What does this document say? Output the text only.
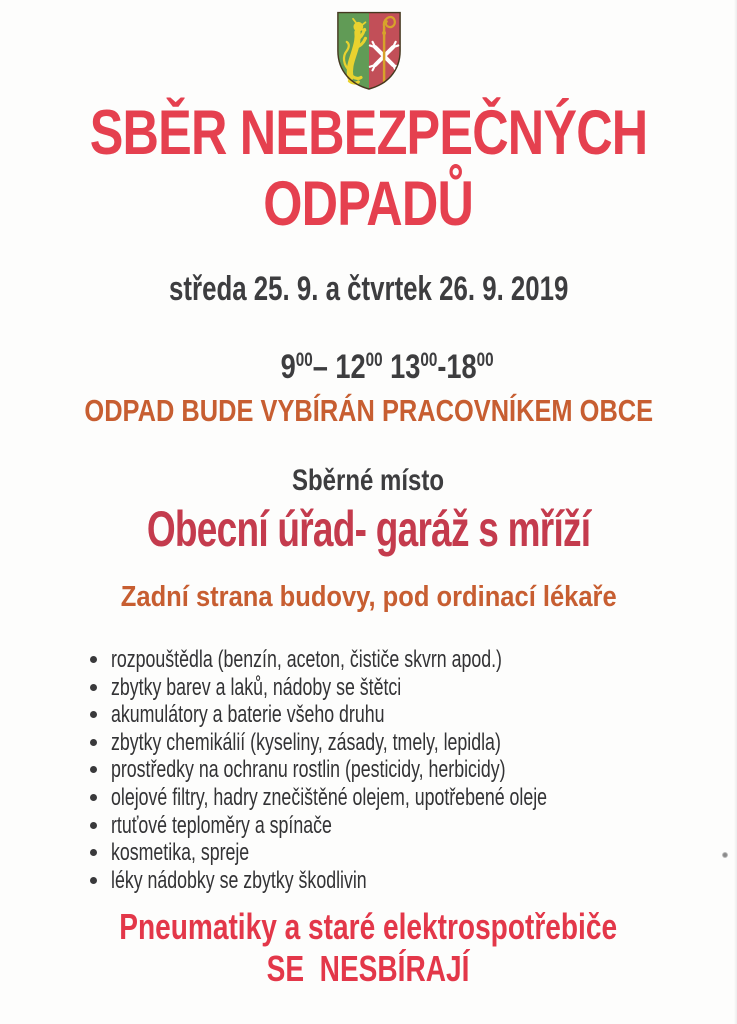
SBĚR NEBEZPEČNÝCH
ODPADŮ
středa 25. 9. a čtvrtek 26. 9. 2019

$9^{00}-$ $12^{00}$ $13^{00}-18^{00}$

ODPAD BUDE VYBÍRÁN PRACOVNÍKEM OBCE
Sběrné místo
Obecní úřad- garáž s mříží
Zadní strana budovy, pod ordinací lékaře
rozpouštědla (benzín, aceton, čističe skvrn apod.)
zbytky barev a laků, nádoby se štětci
akumulátory a baterie všeho druhu
zbytky chemikálií (kyseliny, zásady, tmely, lepidla)
prostředky na ochranu rostlin (pesticidy, herbicidy)
olejové filtry, hadry znečištěné olejem, upotřebené oleje
rtuťové teploměry a spínače
kosmetika, spreje
léky nádobky se zbytky škodlivin
Pneumatiky a staré elektrospotřebiče
SE NESBÍRAJÍ
